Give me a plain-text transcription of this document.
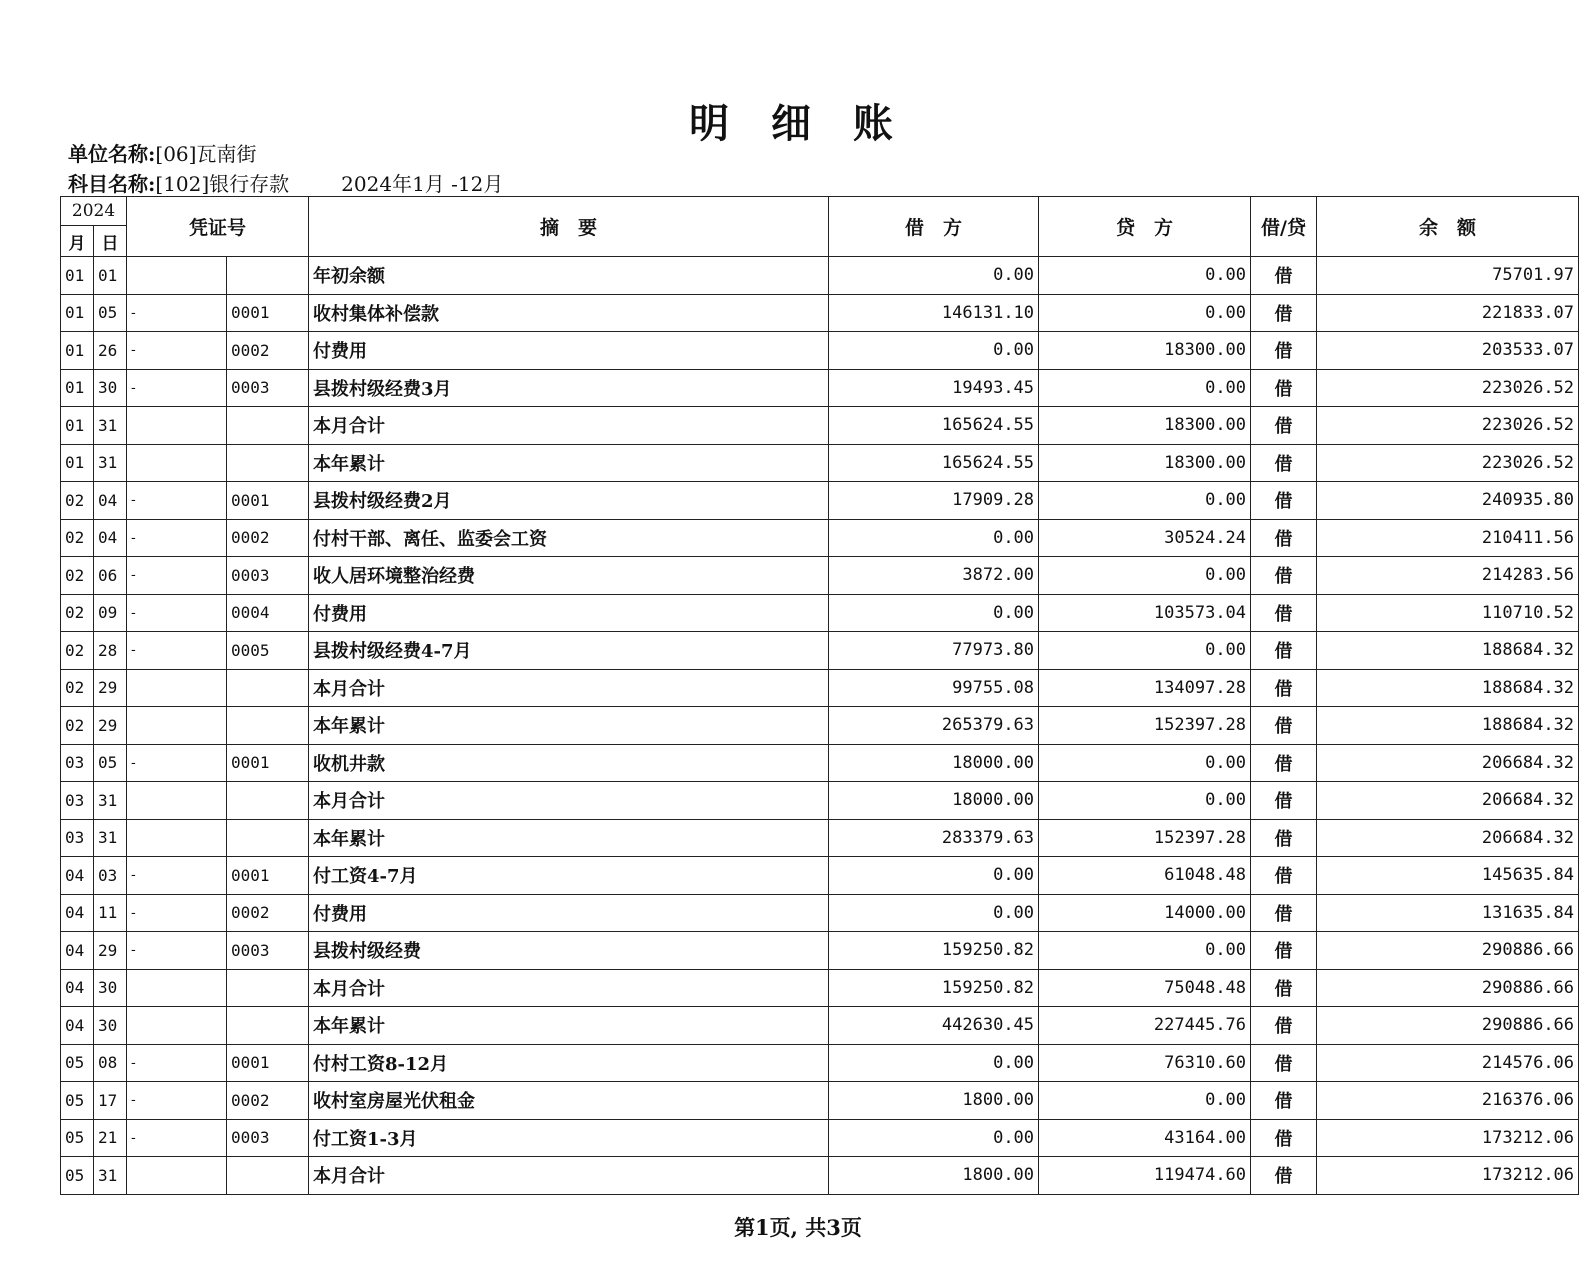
明 细 账
单位名称:[06]瓦南街
科目名称:[102]银行存款	2024年1月 -12月
2024		凭证号		摘　要	借　方	贷　方	借/贷	余　额
月	日							
01	01			年初余额	0.00	0.00	借	75701.97
01	05	-	0001	收村集体补偿款	146131.10	0.00	借	221833.07
01	26	-	0002	付费用	0.00	18300.00	借	203533.07
01	30	-	0003	县拨村级经费3月	19493.45	0.00	借	223026.52
01	31			本月合计	165624.55	18300.00	借	223026.52
01	31			本年累计	165624.55	18300.00	借	223026.52
02	04	-	0001	县拨村级经费2月	17909.28	0.00	借	240935.80
02	04	-	0002	付村干部、离任、监委会工资	0.00	30524.24	借	210411.56
02	06	-	0003	收人居环境整治经费	3872.00	0.00	借	214283.56
02	09	-	0004	付费用	0.00	103573.04	借	110710.52
02	28	-	0005	县拨村级经费4-7月	77973.80	0.00	借	188684.32
02	29			本月合计	99755.08	134097.28	借	188684.32
02	29			本年累计	265379.63	152397.28	借	188684.32
03	05	-	0001	收机井款	18000.00	0.00	借	206684.32
03	31			本月合计	18000.00	0.00	借	206684.32
03	31			本年累计	283379.63	152397.28	借	206684.32
04	03	-	0001	付工资4-7月	0.00	61048.48	借	145635.84
04	11	-	0002	付费用	0.00	14000.00	借	131635.84
04	29	-	0003	县拨村级经费	159250.82	0.00	借	290886.66
04	30			本月合计	159250.82	75048.48	借	290886.66
04	30			本年累计	442630.45	227445.76	借	290886.66
05	08	-	0001	付村工资8-12月	0.00	76310.60	借	214576.06
05	17	-	0002	收村室房屋光伏租金	1800.00	0.00	借	216376.06
05	21	-	0003	付工资1-3月	0.00	43164.00	借	173212.06
05	31			本月合计	1800.00	119474.60	借	173212.06
第1页, 共3页
